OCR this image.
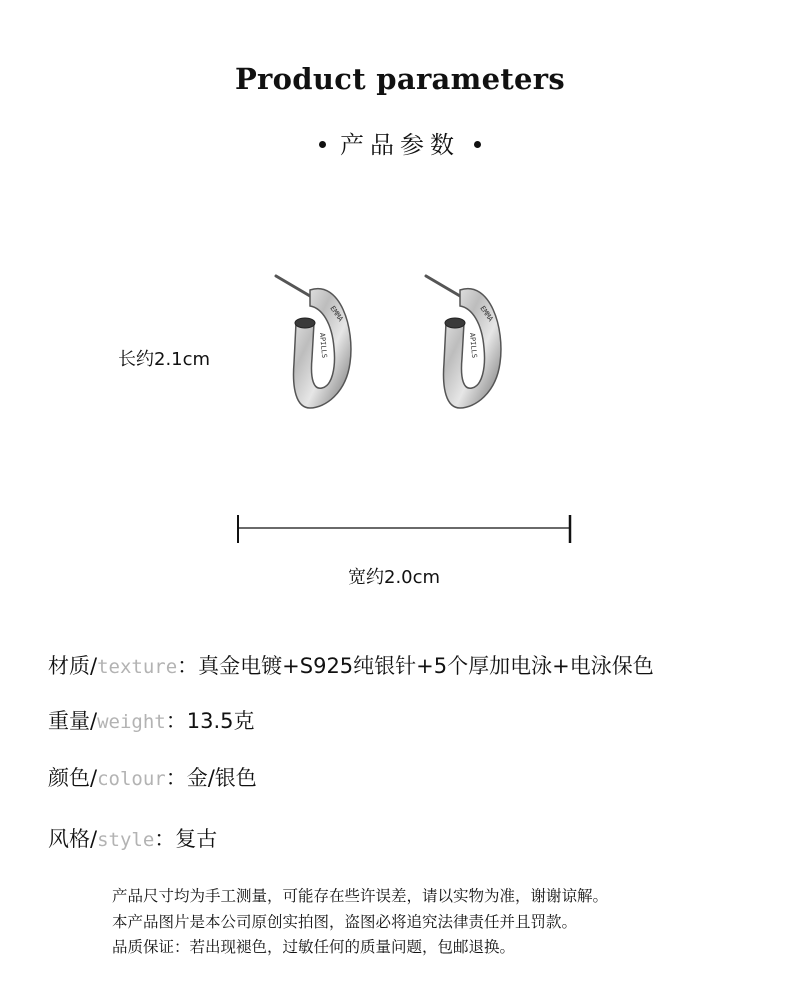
Product parameters
产品参数
长约2.1cm
EMMA
APILLS
EMMA
APILLS
宽约2.0cm
材质/texture：真金电镀+S925纯银针+5个厚加电泳+电泳保色
重量/weight：13.5克
颜色/colour：金/银色
风格/style：复古
产品尺寸均为手工测量，可能存在些许误差，请以实物为准，谢谢谅解。
本产品图片是本公司原创实拍图，盗图必将追究法律责任并且罚款。
品质保证：若出现褪色，过敏任何的质量问题，包邮退换。
